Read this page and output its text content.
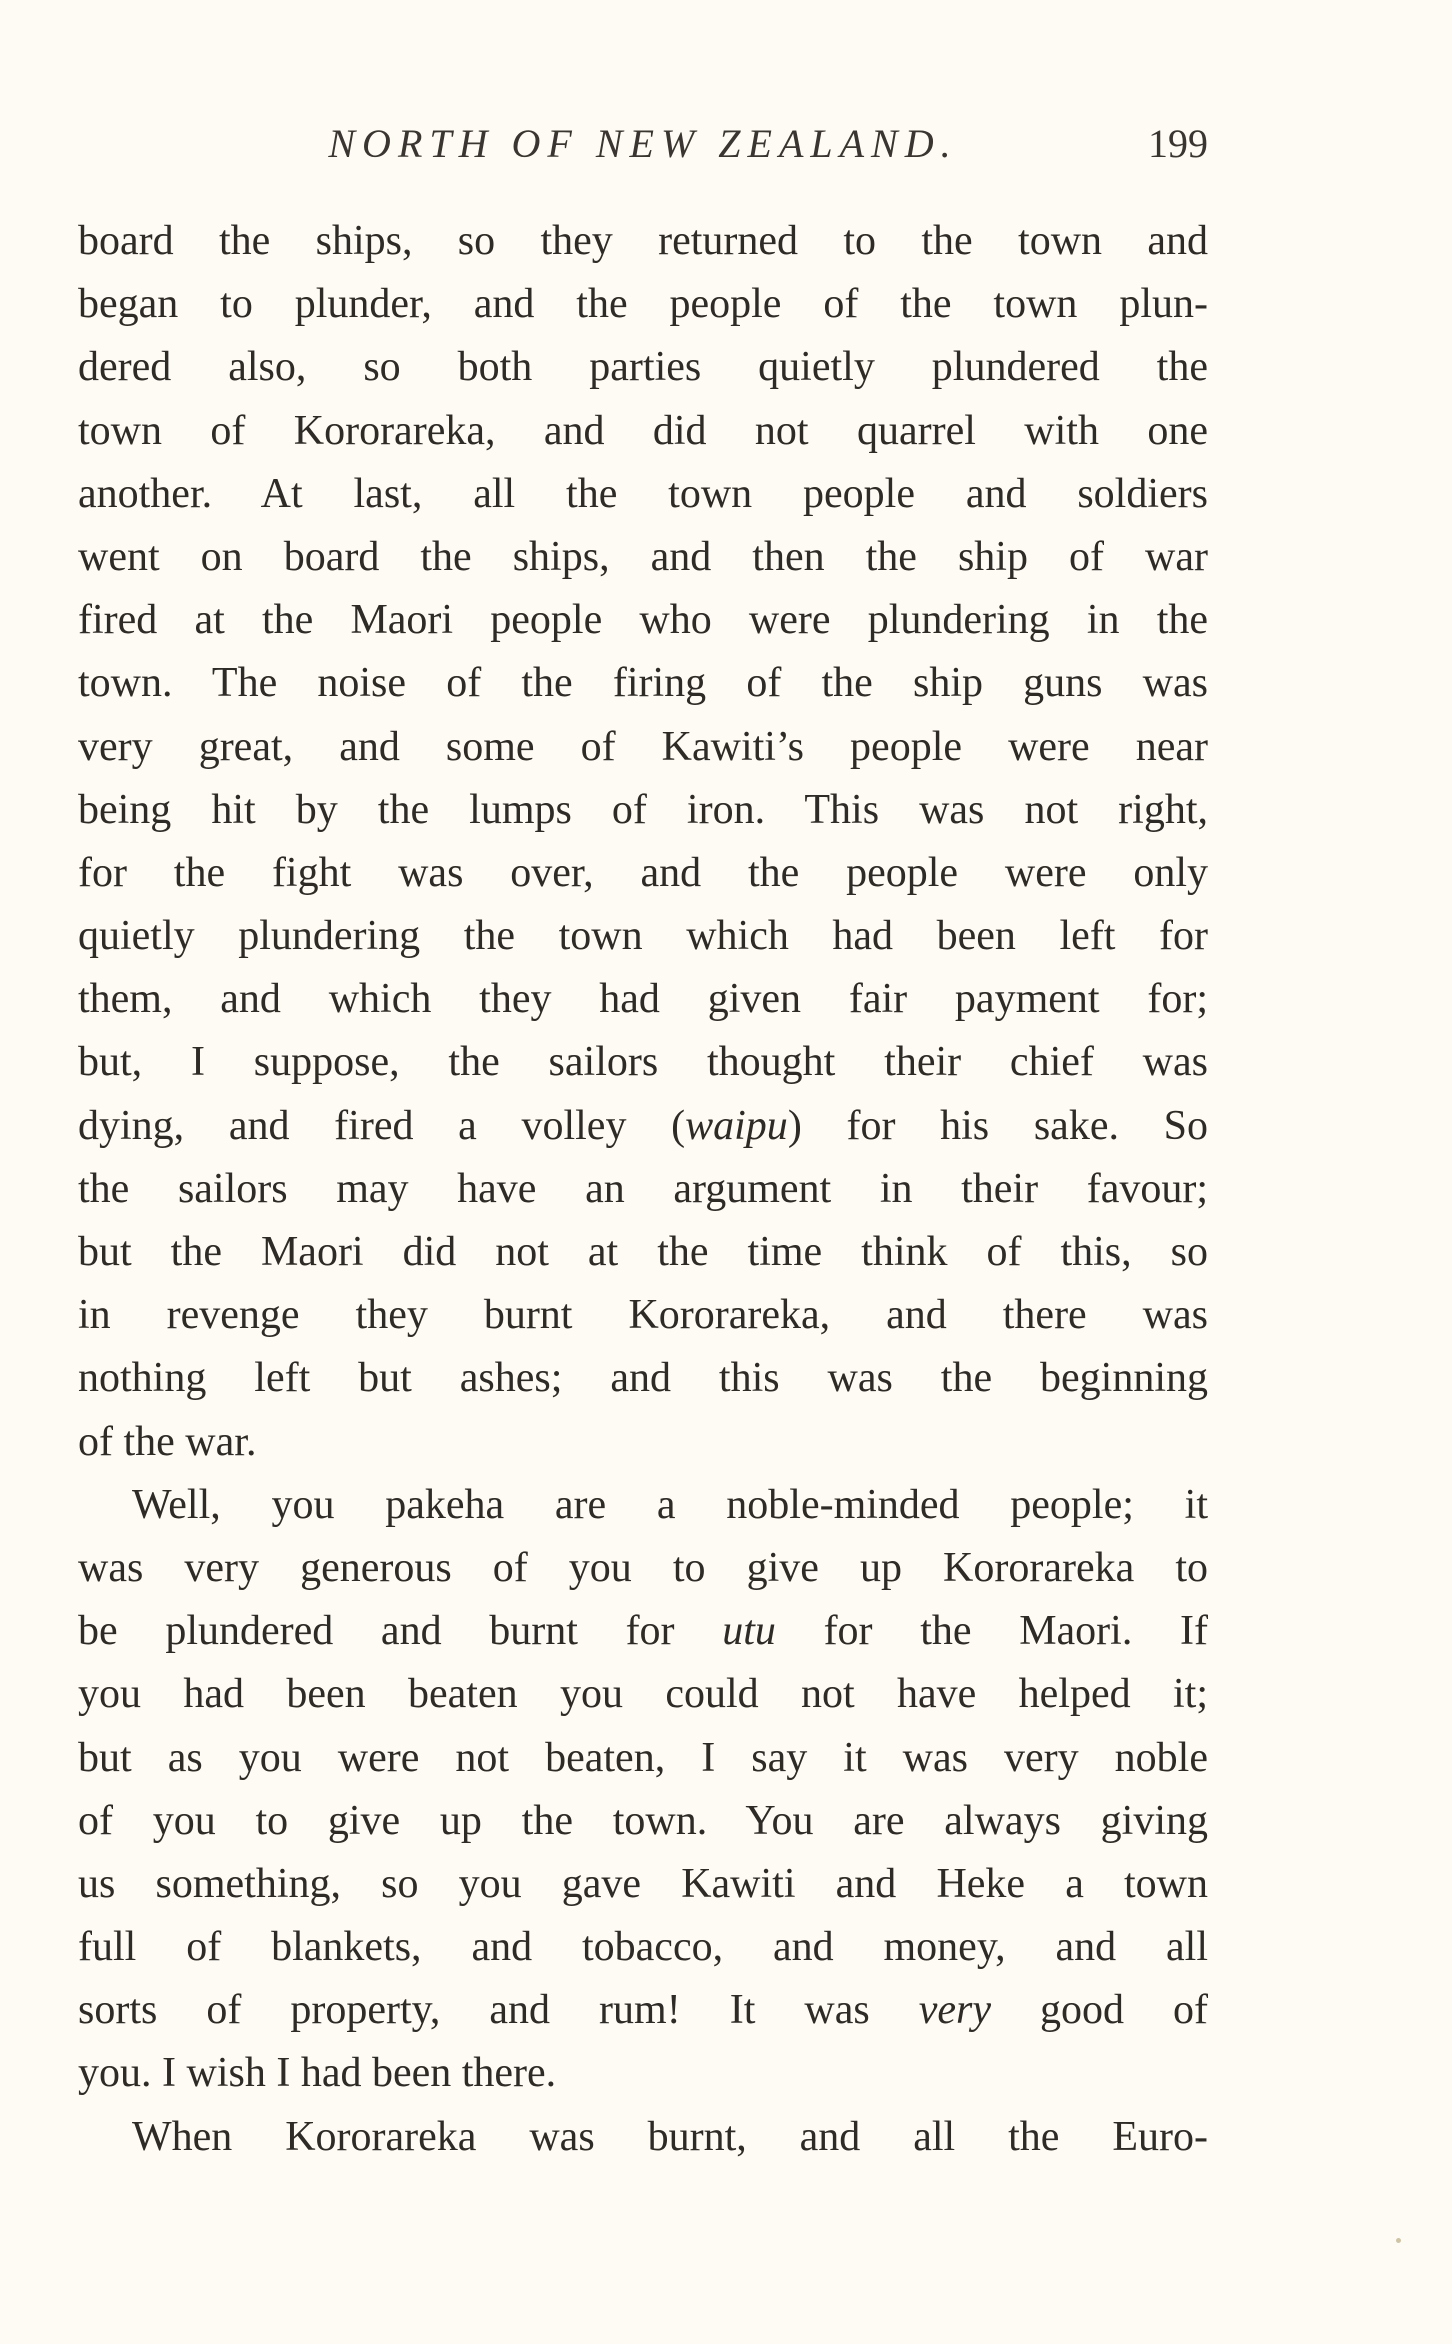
NORTH OF NEW ZEALAND.	199
board the ships, so they returned to the town and
began to plunder, and the people of the town plun-
dered also, so both parties quietly plundered the
town of Kororareka, and did not quarrel with one
another. At last, all the town people and soldiers
went on board the ships, and then the ship of war
fired at the Maori people who were plundering in the
town. The noise of the firing of the ship guns was
very great, and some of Kawiti’s people were near
being hit by the lumps of iron. This was not right,
for the fight was over, and the people were only
quietly plundering the town which had been left for
them, and which they had given fair payment for;
but, I suppose, the sailors thought their chief was
dying, and fired a volley (waipu) for his sake. So
the sailors may have an argument in their favour;
but the Maori did not at the time think of this, so
in revenge they burnt Kororareka, and there was
nothing left but ashes; and this was the beginning
of the war.
Well, you pakeha are a noble-minded people; it
was very generous of you to give up Kororareka to
be plundered and burnt for utu for the Maori. If
you had been beaten you could not have helped it;
but as you were not beaten, I say it was very noble
of you to give up the town. You are always giving
us something, so you gave Kawiti and Heke a town
full of blankets, and tobacco, and money, and all
sorts of property, and rum! It was very good of
you. I wish I had been there.
When Kororareka was burnt, and all the Euro-
